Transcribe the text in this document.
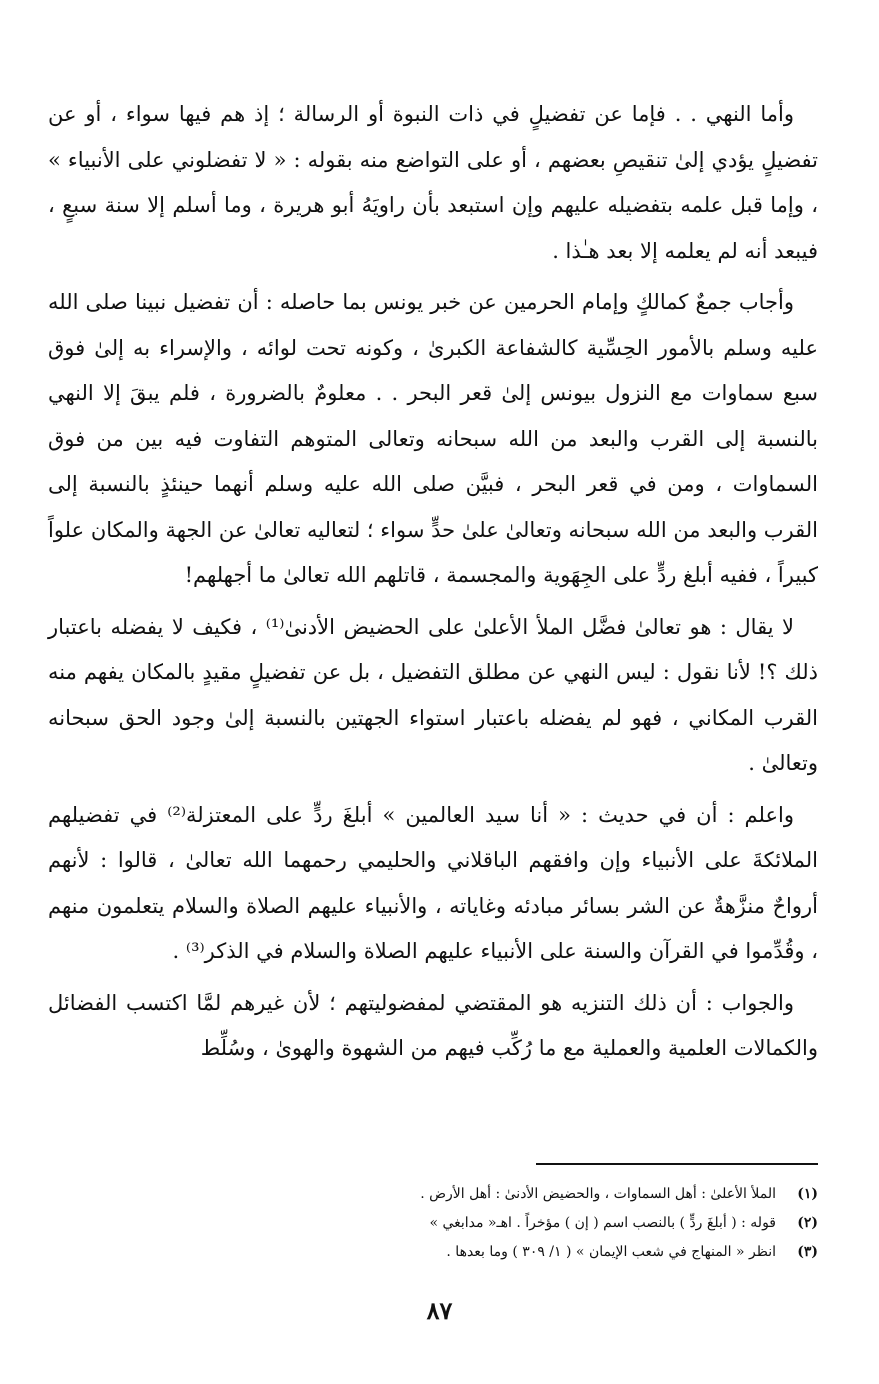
وأما النهي . . فإما عن تفضيلٍ في ذات النبوة أو الرسالة ؛ إذ هم فيها سواء ، أو عن تفضيلٍ يؤدي إلىٰ تنقيصِ بعضهم ، أو على التواضع منه بقوله : « لا تفضلوني على الأنبياء » ، وإما قبل علمه بتفضيله عليهم وإن استبعد بأن راويَهُ أبو هريرة ، وما أسلم إلا سنة سبعٍ ، فيبعد أنه لم يعلمه إلا بعد هـٰذا .

وأجاب جمعٌ كمالكٍ وإمام الحرمين عن خبر يونس بما حاصله : أن تفضيل نبينا صلى الله عليه وسلم بالأمور الحِسِّية كالشفاعة الكبرىٰ ، وكونه تحت لوائه ، والإسراء به إلىٰ فوق سبع سماوات مع النزول بيونس إلىٰ قعر البحر . . معلومٌ بالضرورة ، فلم يبقَ إلا النهي بالنسبة إلى القرب والبعد من الله سبحانه وتعالى المتوهم التفاوت فيه بين من فوق السماوات ، ومن في قعر البحر ، فبيَّن صلى الله عليه وسلم أنهما حينئذٍ بالنسبة إلى القرب والبعد من الله سبحانه وتعالىٰ علىٰ حدٍّ سواء ؛ لتعاليه تعالىٰ عن الجهة والمكان علواً كبيراً ، ففيه أبلغ ردٍّ على الجِهَوية والمجسمة ، قاتلهم الله تعالىٰ ما أجهلهم!

لا يقال : هو تعالىٰ فضَّل الملأ الأعلىٰ على الحضيض الأدنىٰ⁽¹⁾ ، فكيف لا يفضله باعتبار ذلك ؟! لأنا نقول : ليس النهي عن مطلق التفضيل ، بل عن تفضيلٍ مقيدٍ بالمكان يفهم منه القرب المكاني ، فهو لم يفضله باعتبار استواء الجهتين بالنسبة إلىٰ وجود الحق سبحانه وتعالىٰ .

واعلم : أن في حديث : « أنا سيد العالمين » أبلغَ ردٍّ على المعتزلة⁽²⁾ في تفضيلهم الملائكةَ على الأنبياء وإن وافقهم الباقلاني والحليمي رحمهما الله تعالىٰ ، قالوا : لأنهم أرواحٌ منزَّهةٌ عن الشر بسائر مبادئه وغاياته ، والأنبياء عليهم الصلاة والسلام يتعلمون منهم ، وقُدِّموا في القرآن والسنة على الأنبياء عليهم الصلاة والسلام في الذكر⁽³⁾ .

والجواب : أن ذلك التنزيه هو المقتضي لمفضوليتهم ؛ لأن غيرهم لمَّا اكتسب الفضائل والكمالات العلمية والعملية مع ما رُكِّب فيهم من الشهوة والهوىٰ ، وسُلِّط

(١)
الملأ الأعلىٰ : أهل السماوات ، والحضيض الأدنىٰ : أهل الأرض .
(٢)
قوله : ( أبلغَ ردٍّ ) بالنصب اسم ( إن ) مؤخراً . اهـ« مدابغي »
(٣)
انظر « المنهاج في شعب الإيمان » ( ١/ ٣٠٩ ) وما بعدها .
٨٧
